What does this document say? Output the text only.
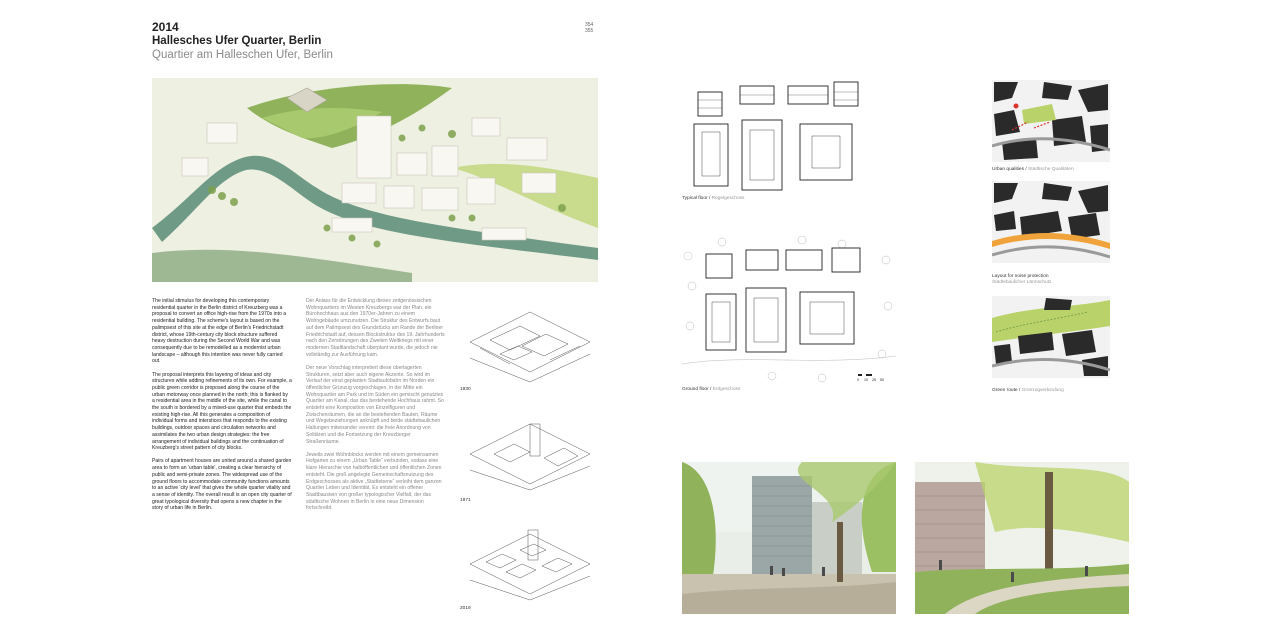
2014
Hallesches Ufer Quarter, Berlin
Quartier am Halleschen Ufer, Berlin
354
355

The initial stimulus for developing this contemporary residential quarter in the Berlin district of Kreuzberg was a proposal to convert an office high-rise from the 1970s into a residential building. The scheme's layout is based on the palimpsest of this site at the edge of Berlin's Friedrichstadt district, whose 19th-century city block structure suffered heavy destruction during the Second World War and was consequently due to be remodelled as a modernist urban landscape – although this intention was never fully carried out.

The proposal interprets this layering of ideas and city structures while adding refinements of its own. For example, a public green corridor is proposed along the course of the urban motorway once planned in the north; this is flanked by a residential area in the middle of the site, while the canal to the south is bordered by a mixed-use quarter that embeds the existing high-rise. All this generates a composition of individual forms and interstices that responds to the existing buildings, outdoor spaces and circulation networks and assimilates the two urban design strategies: the free arrangement of individual buildings and the continuation of Kreuzberg's street pattern of city blocks.

Pairs of apartment houses are united around a shared garden area to form an 'urban table', creating a clear hierarchy of public and semi-private zones. The widespread use of the ground floors to accommodate community functions amounts to an active 'city level' that gives the whole quarter vitality and a sense of identity. The overall result is an open city quarter of great typological diversity that opens a new chapter in the story of urban life in Berlin.

Der Anlass für die Entwicklung dieses zeitgenössischen Wohnquartiers im Westen Kreuzbergs war der Plan, ein Bürohochhaus aus den 1970er-Jahren zu einem Wohngebäude umzunutzen. Die Struktur des Entwurfs baut auf dem Palimpsest des Grundstücks am Rande der Berliner Friedrichstadt auf, dessen Blockstruktur des 19. Jahrhunderts nach den Zerstörungen des Zweiten Weltkriegs mit einer modernen Stadtlandschaft überplant wurde, die jedoch nie vollständig zur Ausführung kam.

Der neue Vorschlag interpretiert diese überlagerten Strukturen, setzt aber auch eigene Akzente. So wird im Verlauf der einst geplanten Stadtautobahn im Norden ein öffentlicher Grünzug vorgeschlagen, in der Mitte ein Wohnquartier am Park und im Süden ein gemischt genutztes Quartier am Kanal, das das bestehende Hochhaus rahmt. So entsteht eine Komposition von Einzelfiguren und Zwischenräumen, die an die bestehenden Bauten, Räume und Wegebeziehungen anknüpft und beide städtebaulichen Haltungen miteinander vereint: die freie Anordnung von Solitären und die Fortsetzung der Kreuzberger Straßenräume.

Jeweils zwei Wohnblocks werden mit einem gemeinsamen Hofgarten zu einem „Urban Table“ verbunden, sodass eine klare Hierarchie von halböffentlichen und öffentlichen Zonen entsteht. Die groß angelegte Gemeinschaftsnutzung des Erdgeschosses als aktive „Stadtebene“ verleiht dem ganzen Quartier Leben und Identität. Es entsteht ein offener Stadtbaustein von großer typologischer Vielfalt, der das städtische Wohnen in Berlin in eine neue Dimension fortschreibt.

1930
1971
2019
Typical floor / Regelgeschoss
0 10 25 50
Ground floor / Erdgeschoss
Urban qualities / Städtische Qualitäten
Layout for noise protection
Städtebaulicher Lärmschutz
Green route / Grünzugverbindung
